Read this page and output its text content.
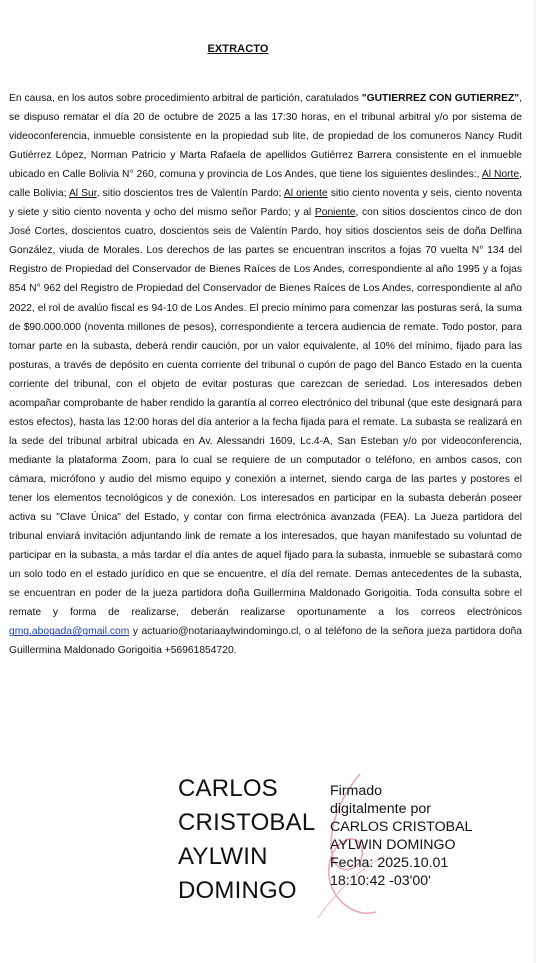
EXTRACTO

En causa, en los autos sobre procedimiento arbitral de partición, caratulados "GUTIERREZ CON GUTIERREZ", se dispuso rematar el día 20 de octubre de 2025 a las 17:30 horas, en el tribunal arbitral y/o por sistema de videoconferencia, inmueble consistente en la propiedad sub lite, de propiedad de los comuneros Nancy Rudit Gutiérrez López, Norman Patricio y Marta Rafaela de apellidos Gutiérrez Barrera consistente en el inmueble ubicado en Calle Bolivia N° 260, comuna y provincia de Los Andes, que tiene los siguientes deslindes:, Al Norte, calle Bolivia; Al Sur, sitio doscientos tres de Valentín Pardo; Al oriente sitio ciento noventa y seis, ciento noventa y siete y sitio ciento noventa y ocho del mismo señor Pardo; y al Poniente, con sitios doscientos cinco de don José Cortes, doscientos cuatro, doscientos seis de Valentín Pardo, hoy sitios doscientos seis de doña Delfina González, viuda de Morales. Los derechos de las partes se encuentran inscritos a fojas 70 vuelta N° 134 del Registro de Propiedad del Conservador de Bienes Raíces de Los Andes, correspondiente al año 1995 y a fojas 854 N° 962 del Registro de Propiedad del Conservador de Bienes Raíces de Los Andes, correspondiente al año 2022, el rol de avalúo fiscal es 94-10 de Los Andes. El precio mínimo para comenzar las posturas será, la suma de $90.000.000 (noventa millones de pesos), correspondiente a tercera audiencia de remate. Todo postor, para tomar parte en la subasta, deberá rendir caución, por un valor equivalente, al 10% del mínimo, fijado para las posturas, a través de depósito en cuenta corriente del tribunal o cupón de pago del Banco Estado en la cuenta corriente del tribunal, con el objeto de evitar posturas que carezcan de seriedad. Los interesados deben acompañar comprobante de haber rendido la garantía al correo electrónico del tribunal (que este designará para estos efectos), hasta las 12:00 horas del día anterior a la fecha fijada para el remate. La subasta se realizará en la sede del tribunal arbitral ubicada en Av. Alessandri 1609, Lc.4-A, San Esteban y/o por videoconferencia, mediante la plataforma Zoom, para lo cual se requiere de un computador o teléfono, en ambos casos, con cámara, micrófono y audio del mismo equipo y conexión a internet, siendo carga de las partes y postores el tener los elementos tecnológicos y de conexión. Los interesados en participar en la subasta deberán poseer activa su "Clave Única" del Estado, y contar con firma electrónica avanzada (FEA). La Jueza partidora del tribunal enviará invitación adjuntando link de remate a los interesados, que hayan manifestado su voluntad de participar en la subasta, a más tardar el día antes de aquel fijado para la subasta, inmueble se subastará como un solo todo en el estado jurídico en que se encuentre, el día del remate. Demas antecedentes de la subasta, se encuentran en poder de la jueza partidora doña Guillermina Maldonado Gorigoitia. Toda consulta sobre el remate y forma de realizarse, deberán realizarse oportunamente a los correos electrónicos gmg.abogada@gmail.com y actuario@notariaaylwindomingo.cl, o al teléfono de la señora jueza partidora doña Guillermina Maldonado Gorigoitia +56961854720.

CARLOS
CRISTOBAL
AYLWIN
DOMINGO
Firmado
digitalmente por
CARLOS CRISTOBAL
AYLWIN DOMINGO
Fecha: 2025.10.01
18:10:42 -03'00'
